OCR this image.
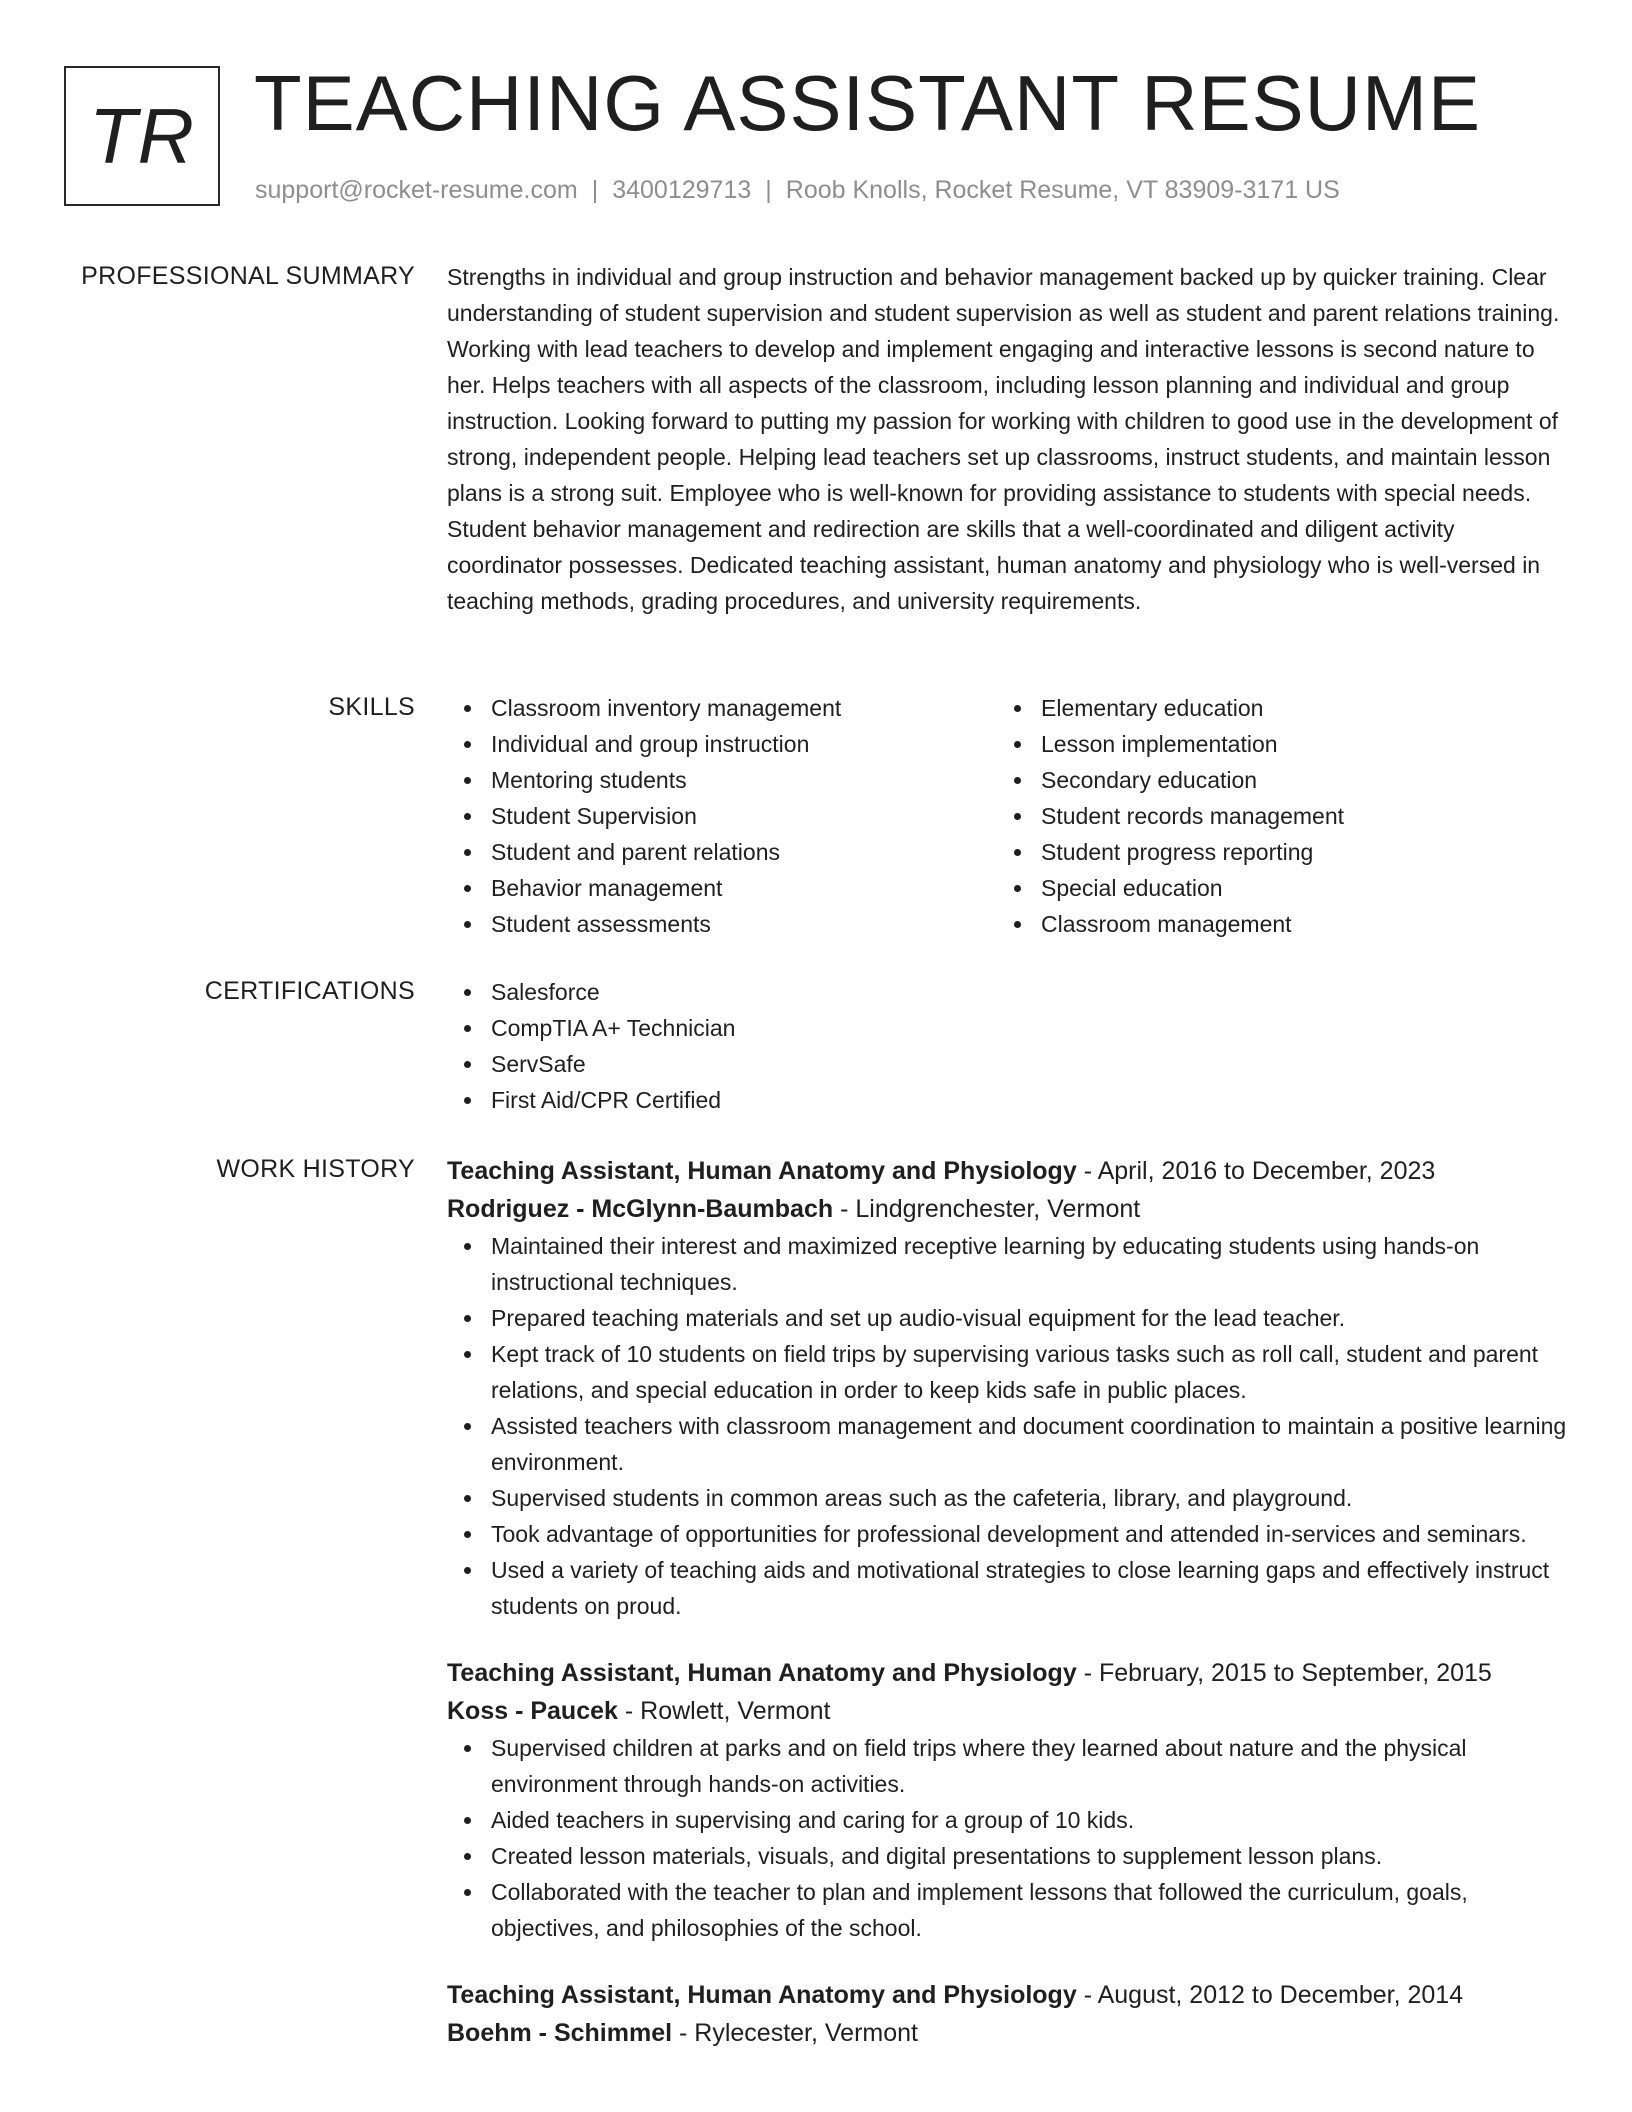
TR TEACHING ASSISTANT RESUME
support@rocket-resume.com | 3400129713 | Roob Knolls, Rocket Resume, VT 83909-3171 US
PROFESSIONAL SUMMARY Strengths in individual and group instruction and behavior management backed up by quicker training. Clear understanding of student supervision and student supervision as well as student and parent relations training. Working with lead teachers to develop and implement engaging and interactive lessons is second nature to her. Helps teachers with all aspects of the classroom, including lesson planning and individual and group instruction. Looking forward to putting my passion for working with children to good use in the development of strong, independent people. Helping lead teachers set up classrooms, instruct students, and maintain lesson plans is a strong suit. Employee who is well-known for providing assistance to students with special needs. Student behavior management and redirection are skills that a well-coordinated and diligent activity coordinator possesses. Dedicated teaching assistant, human anatomy and physiology who is well-versed in teaching methods, grading procedures, and university requirements.

SKILLS	Classroom inventory management
Individual and group instruction
Mentoring students
Student Supervision
Student and parent relations
Behavior management
Student assessments
Elementary education
Lesson implementation
Secondary education
Student records management
Student progress reporting
Special education
Classroom management
CERTIFICATIONS	Salesforce
CompTIA A+ Technician
ServSafe
First Aid/CPR Certified
WORK HISTORY Teaching Assistant, Human Anatomy and Physiology - April, 2016 to December, 2023
Rodriguez - McGlynn-Baumbach - Lindgrenchester, Vermont
Maintained their interest and maximized receptive learning by educating students using hands-on instructional techniques.
Prepared teaching materials and set up audio-visual equipment for the lead teacher.
Kept track of 10 students on field trips by supervising various tasks such as roll call, student and parent relations, and special education in order to keep kids safe in public places.
Assisted teachers with classroom management and document coordination to maintain a positive learning environment.
Supervised students in common areas such as the cafeteria, library, and playground.
Took advantage of opportunities for professional development and attended in-services and seminars.
Used a variety of teaching aids and motivational strategies to close learning gaps and effectively instruct students on proud.
Teaching Assistant, Human Anatomy and Physiology - February, 2015 to September, 2015
Koss - Paucek - Rowlett, Vermont
Supervised children at parks and on field trips where they learned about nature and the physical environment through hands-on activities.
Aided teachers in supervising and caring for a group of 10 kids.
Created lesson materials, visuals, and digital presentations to supplement lesson plans.
Collaborated with the teacher to plan and implement lessons that followed the curriculum, goals, objectives, and philosophies of the school.
Teaching Assistant, Human Anatomy and Physiology - August, 2012 to December, 2014
Boehm - Schimmel - Rylecester, Vermont
